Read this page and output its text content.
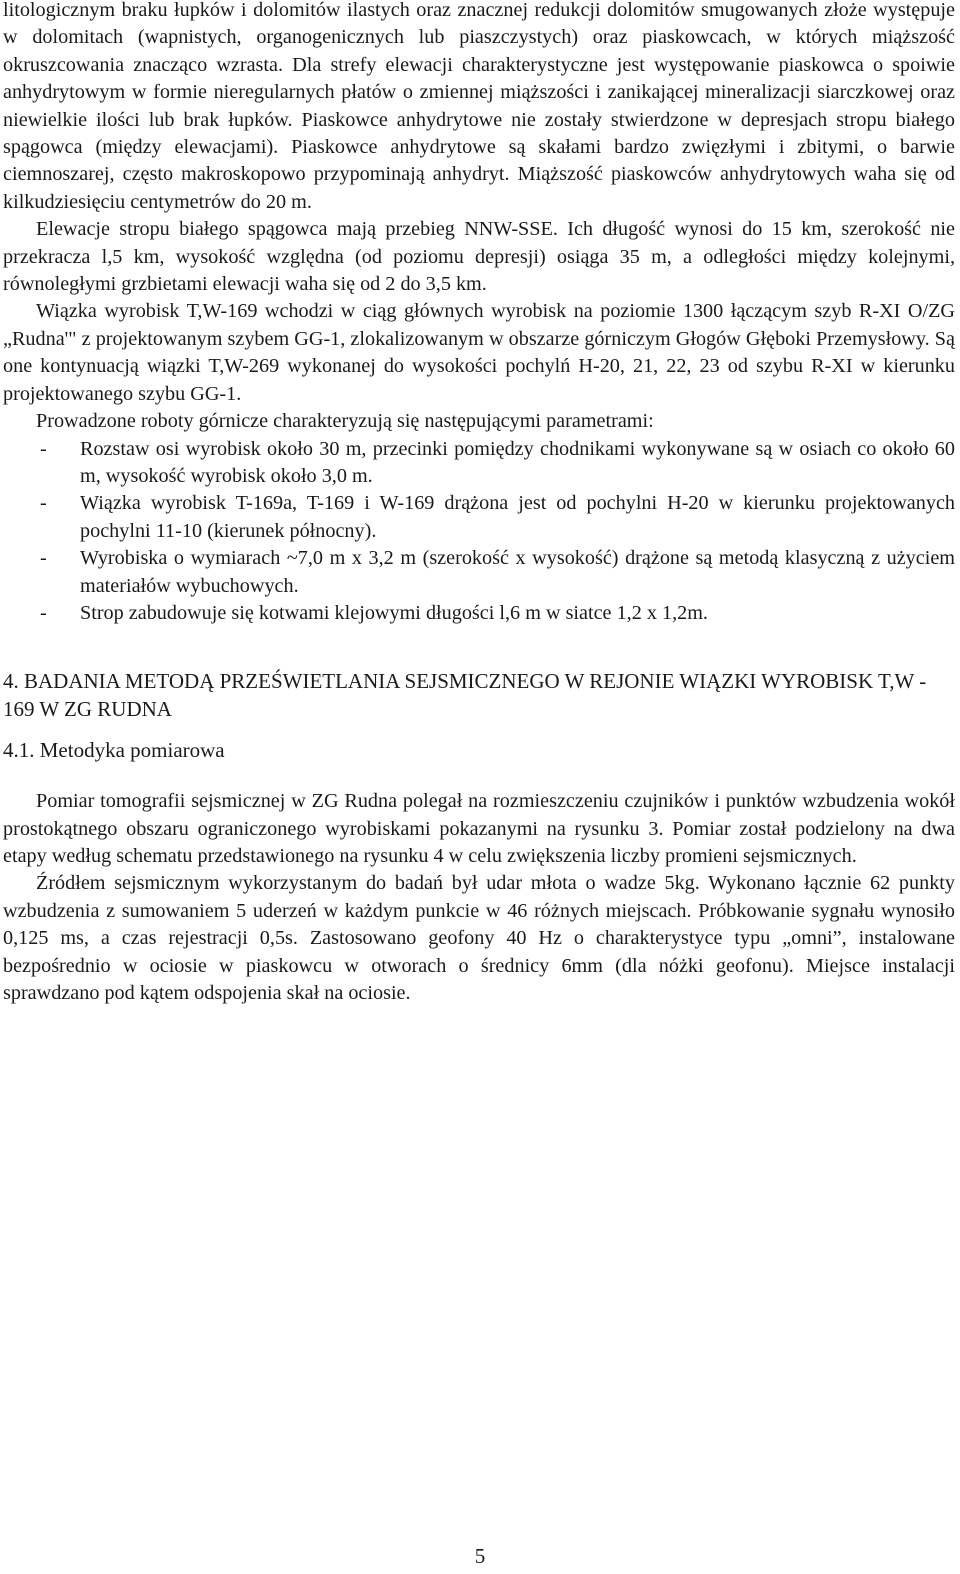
litologicznym braku łupków i dolomitów ilastych oraz znacznej redukcji dolomitów smugowanych złoże występuje w dolomitach (wapnistych, organogenicznych lub piaszczystych) oraz piaskowcach, w których miąższość okruszcowania znacząco wzrasta. Dla strefy elewacji charakterystyczne jest występowanie piaskowca o spoiwie anhydrytowym w formie nieregularnych płatów o zmiennej miąższości i zanikającej mineralizacji siarczkowej oraz niewielkie ilości lub brak łupków. Piaskowce anhydrytowe nie zostały stwierdzone w depresjach stropu białego spągowca (między elewacjami). Piaskowce anhydrytowe są skałami bardzo zwięzłymi i zbitymi, o barwie ciemnoszarej, często makroskopowo przypominają anhydryt. Miąższość piaskowców anhydrytowych waha się od kilkudziesięciu centymetrów do 20 m.

Elewacje stropu białego spągowca mają przebieg NNW-SSE. Ich długość wynosi do 15 km, szerokość nie przekracza l,5 km, wysokość względna (od poziomu depresji) osiąga 35 m, a odległości między kolejnymi, równoległymi grzbietami elewacji waha się od 2 do 3,5 km.

Wiązka wyrobisk T,W-169 wchodzi w ciąg głównych wyrobisk na poziomie 1300 łączącym szyb R-XI O/ZG „Rudna'" z projektowanym szybem GG-1, zlokalizowanym w obszarze górniczym Głogów Głęboki Przemysłowy. Są one kontynuacją wiązki T,W-269 wykonanej do wysokości pochylń H-20, 21, 22, 23 od szybu R-XI w kierunku projektowanego szybu GG-1.

Prowadzone roboty górnicze charakteryzują się następującymi parametrami:

- Rozstaw osi wyrobisk około 30 m, przecinki pomiędzy chodnikami wykonywane są w osiach co około 60 m, wysokość wyrobisk około 3,0 m.
- Wiązka wyrobisk T-169a, T-169 i W-169 drążona jest od pochylni H-20 w kierunku projektowanych pochylni 11-10 (kierunek północny).
- Wyrobiska o wymiarach ~7,0 m x 3,2 m (szerokość x wysokość) drążone są metodą klasyczną z użyciem materiałów wybuchowych.
- Strop zabudowuje się kotwami klejowymi długości l,6 m w siatce 1,2 x 1,2m.
4. BADANIA METODĄ PRZEŚWIETLANIA SEJSMICZNEGO W REJONIE WIĄZKI WYROBISK T,W - 169 W ZG RUDNA
4.1. Metodyka pomiarowa

Pomiar tomografii sejsmicznej w ZG Rudna polegał na rozmieszczeniu czujników i punktów wzbudzenia wokół prostokątnego obszaru ograniczonego wyrobiskami pokazanymi na rysunku 3. Pomiar został podzielony na dwa etapy według schematu przedstawionego na rysunku 4 w celu zwiększenia liczby promieni sejsmicznych.

Źródłem sejsmicznym wykorzystanym do badań był udar młota o wadze 5kg. Wykonano łącznie 62 punkty wzbudzenia z sumowaniem 5 uderzeń w każdym punkcie w 46 różnych miejscach. Próbkowanie sygnału wynosiło 0,125 ms, a czas rejestracji 0,5s. Zastosowano geofony 40 Hz o charakterystyce typu „omni”, instalowane bezpośrednio w ociosie w piaskowcu w otworach o średnicy 6mm (dla nóżki geofonu). Miejsce instalacji sprawdzano pod kątem odspojenia skał na ociosie.

5
